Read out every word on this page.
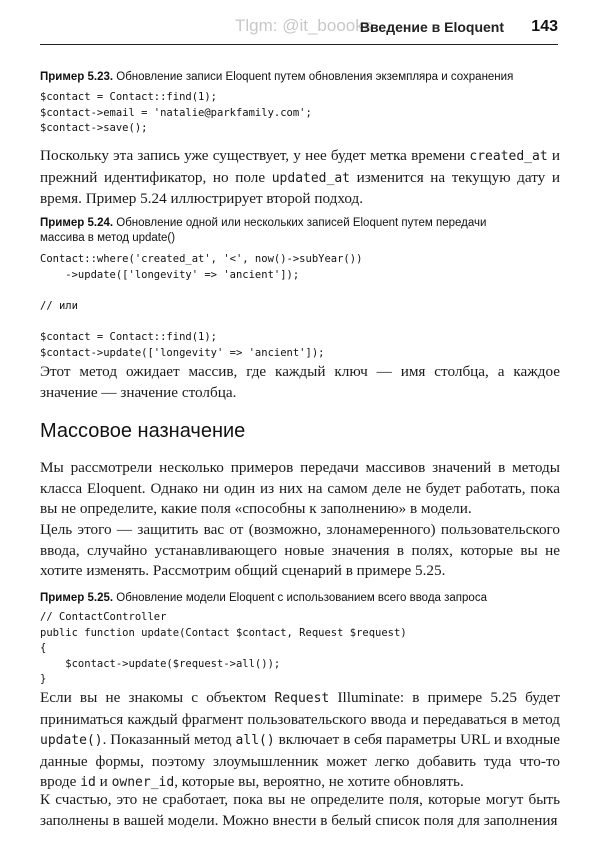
Tlgm: @it_boooks
Введение в Eloquent 143
Пример 5.23. Обновление записи Eloquent путем обновления экземпляра и сохранения
$contact = Contact::find(1);
$contact->email = 'natalie@parkfamily.com';
$contact->save();

Поскольку эта запись уже существует, у нее будет метка времени created_at и прежний идентификатор, но поле updated_at изменится на текущую дату и время. Пример 5.24 иллюстрирует второй подход.

Пример 5.24. Обновление одной или нескольких записей Eloquent путем передачи массива в метод update()
Contact::where('created_at', '<', now()->subYear())
->update(['longevity' => 'ancient']);

// или

$contact = Contact::find(1);
$contact->update(['longevity' => 'ancient']);

Этот метод ожидает массив, где каждый ключ — имя столбца, а каждое значение — значение столбца.

Массовое назначение

Мы рассмотрели несколько примеров передачи массивов значений в методы класса Eloquent. Однако ни один из них на самом деле не будет работать, пока вы не определите, какие поля «способны к заполнению» в модели.

Цель этого — защитить вас от (возможно, злонамеренного) пользовательского ввода, случайно устанавливающего новые значения в полях, которые вы не хотите изменять. Рассмотрим общий сценарий в примере 5.25.

Пример 5.25. Обновление модели Eloquent с использованием всего ввода запроса
// ContactController
public function update(Contact $contact, Request $request)
{
$contact->update($request->all());
}

Если вы не знакомы с объектом Request Illuminate: в примере 5.25 будет приниматься каждый фрагмент пользовательского ввода и передаваться в метод update(). Показанный метод all() включает в себя параметры URL и входные данные формы, поэтому злоумышленник может легко добавить туда что-то вроде id и owner_id, которые вы, вероятно, не хотите обновлять.

К счастью, это не сработает, пока вы не определите поля, которые могут быть заполнены в вашей модели. Можно внести в белый список поля для заполнения
